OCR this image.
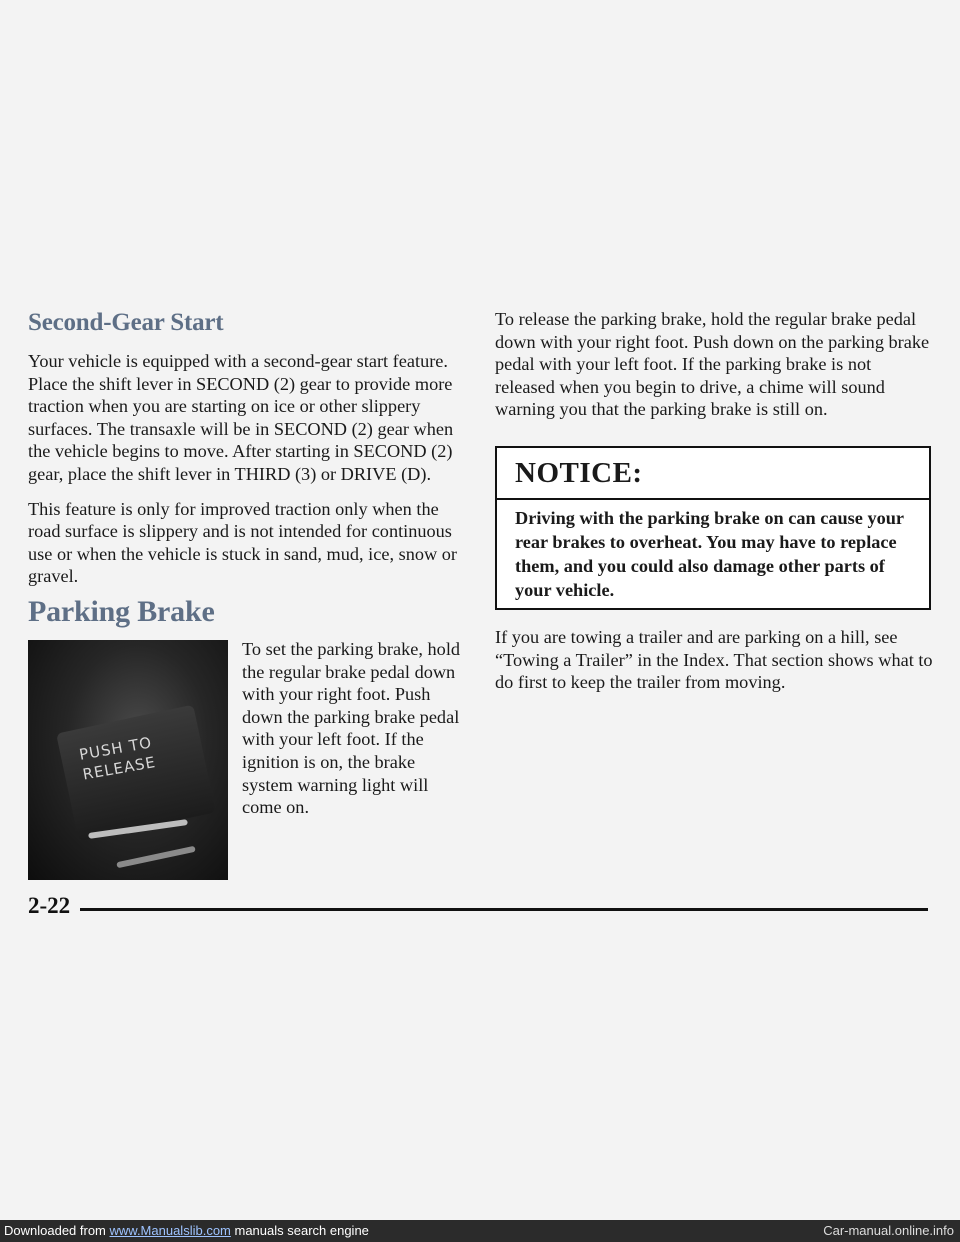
Second-Gear Start

Your vehicle is equipped with a second-gear start feature. Place the shift lever in SECOND (2) gear to provide more traction when you are starting on ice or other slippery surfaces. The transaxle will be in SECOND (2) gear when the vehicle begins to move. After starting in SECOND (2) gear, place the shift lever in THIRD (3) or DRIVE (D).

This feature is only for improved traction only when the road surface is slippery and is not intended for continuous use or when the vehicle is stuck in sand, mud, ice, snow or gravel.

Parking Brake
PUSH TO RELEASE

To set the parking brake, hold the regular brake pedal down with your right foot. Push down the parking brake pedal with your left foot. If the ignition is on, the brake system warning light will come on.

To release the parking brake, hold the regular brake pedal down with your right foot. Push down on the parking brake pedal with your left foot. If the parking brake is not released when you begin to drive, a chime will sound warning you that the parking brake is still on.

NOTICE:
Driving with the parking brake on can cause your rear brakes to overheat. You may have to replace them, and you could also damage other parts of your vehicle.

If you are towing a trailer and are parking on a hill, see “Towing a Trailer” in the Index. That section shows what to do first to keep the trailer from moving.

2-22
Downloaded from www.Manualslib.com manuals search engine	Car-manual.online.info
